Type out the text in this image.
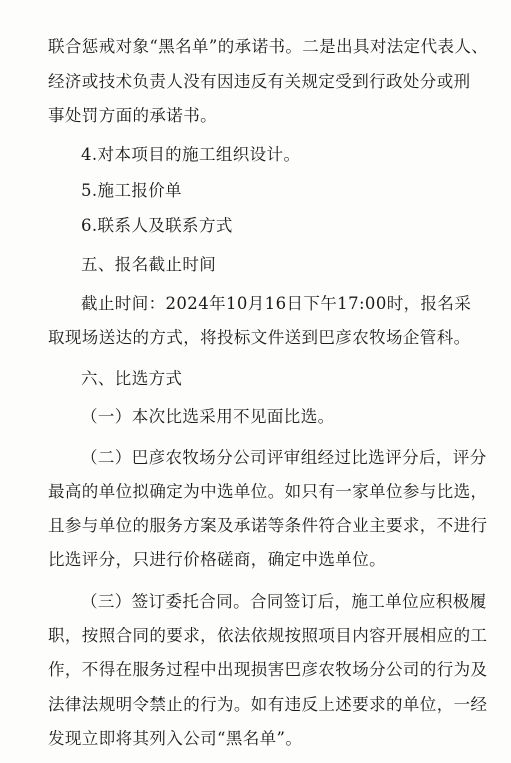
联合惩戒对象“黑名单”的承诺书。二是出具对法定代表人、
经济或技术负责人没有因违反有关规定受到行政处分或刑
事处罚方面的承诺书。
4.对本项目的施工组织设计。
5.施工报价单
6.联系人及联系方式
五、报名截止时间
截止时间：2024年10月16日下午17:00时，报名采
取现场送达的方式，将投标文件送到巴彦农牧场企管科。
六、比选方式
（一）本次比选采用不见面比选。
（二）巴彦农牧场分公司评审组经过比选评分后，评分
最高的单位拟确定为中选单位。如只有一家单位参与比选，
且参与单位的服务方案及承诺等条件符合业主要求，不进行
比选评分，只进行价格磋商，确定中选单位。
（三）签订委托合同。合同签订后，施工单位应积极履
职，按照合同的要求，依法依规按照项目内容开展相应的工
作，不得在服务过程中出现损害巴彦农牧场分公司的行为及
法律法规明令禁止的行为。如有违反上述要求的单位，一经
发现立即将其列入公司“黑名单”。
